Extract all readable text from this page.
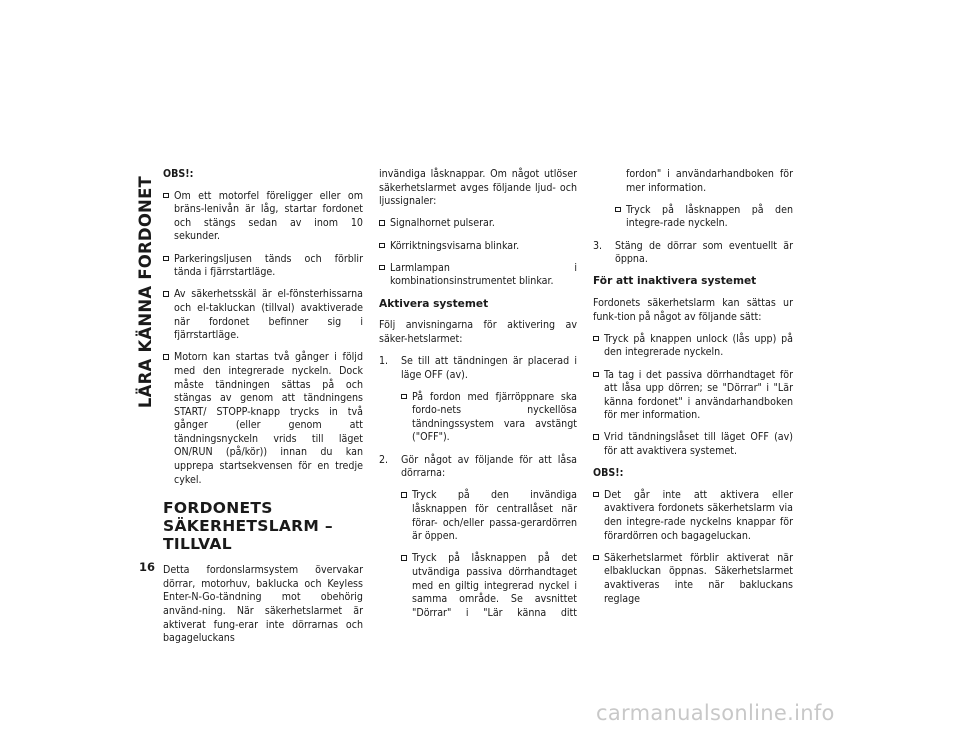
LÄRA KÄNNA FORDONET
16

OBS!:

Om ett motorfel föreligger eller om bräns-lenivån är låg, startar fordonet och stängs sedan av inom 10 sekunder.

Parkeringsljusen tänds och förblir tända i fjärrstartläge.

Av säkerhetsskäl är el-fönsterhissarna och el-takluckan (tillval) avaktiverade när fordonet befinner sig i fjärrstartläge.

Motorn kan startas två gånger i följd med den integrerade nyckeln. Dock måste tändningen sättas på och stängas av genom att tändningens START/ STOPP-knapp trycks in två gånger (eller genom att tändningsnyckeln vrids till läget ON/RUN (på/kör)) innan du kan upprepa startsekvensen för en tredje cykel.

FORDONETS
SÄKERHETSLARM – TILLVAL

Detta fordonslarmsystem övervakar dörrar, motorhuv, baklucka och Keyless Enter-N-Go-tändning mot obehörig använd-ning. När säkerhetslarmet är aktiverat fung-erar inte dörrarnas och bagageluckans

invändiga låsknappar. Om något utlöser säkerhetslarmet avges följande ljud- och ljussignaler:

Signalhornet pulserar.

Körriktningsvisarna blinkar.

Larmlampan i kombinationsinstrumentet blinkar.

Aktivera systemet

Följ anvisningarna för aktivering av säker-hetslarmet:

1. Se till att tändningen är placerad i läge OFF (av).

På fordon med fjärröppnare ska fordo-nets nyckellösa tändningssystem vara avstängt ("OFF").

2. Gör något av följande för att låsa dörrarna:

Tryck på den invändiga låsknappen för centrallåset när förar- och/eller passa-gerardörren är öppen.

Tryck på låsknappen på det utvändiga passiva dörrhandtaget med en giltig integrerad nyckel i samma område. Se avsnittet "Dörrar" i "Lär känna ditt

fordon" i användarhandboken för mer information.

Tryck på låsknappen på den integre-rade nyckeln.

3. Stäng de dörrar som eventuellt är öppna.

För att inaktivera systemet

Fordonets säkerhetslarm kan sättas ur funk-tion på något av följande sätt:

Tryck på knappen unlock (lås upp) på den integrerade nyckeln.

Ta tag i det passiva dörrhandtaget för att låsa upp dörren; se "Dörrar" i "Lär känna fordonet" i användarhandboken för mer information.

Vrid tändningslåset till läget OFF (av) för att avaktivera systemet.

OBS!:

Det går inte att aktivera eller avaktivera fordonets säkerhetslarm via den integre-rade nyckelns knappar för förardörren och bagageluckan.

Säkerhetslarmet förblir aktiverat när elbakluckan öppnas. Säkerhetslarmet avaktiveras inte när bakluckans reglage

carmanualsonline.info
